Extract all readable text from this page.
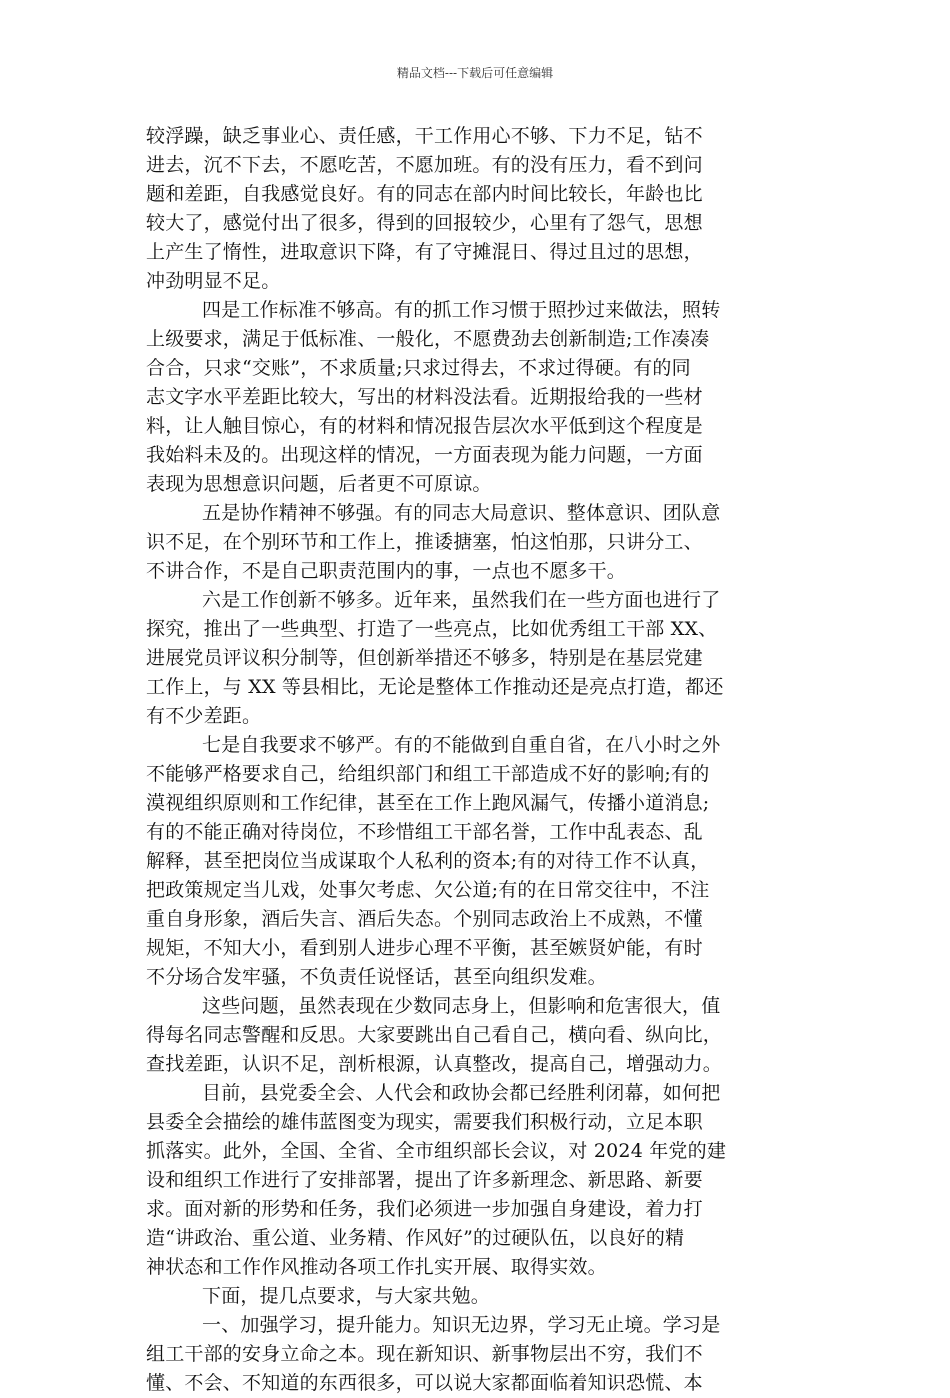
精品文档---下载后可任意编辑
较浮躁，缺乏事业心、责任感，干工作用心不够、下力不足，钻不
进去，沉不下去，不愿吃苦，不愿加班。有的没有压力，看不到问
题和差距，自我感觉良好。有的同志在部内时间比较长，年龄也比
较大了，感觉付出了很多，得到的回报较少，心里有了怨气，思想
上产生了惰性，进取意识下降，有了守摊混日、得过且过的思想，
冲劲明显不足。
四是工作标准不够高。有的抓工作习惯于照抄过来做法，照转
上级要求，满足于低标准、一般化，不愿费劲去创新制造;工作凑凑
合合，只求“交账”，不求质量;只求过得去，不求过得硬。有的同
志文字水平差距比较大，写出的材料没法看。近期报给我的一些材
料，让人触目惊心，有的材料和情况报告层次水平低到这个程度是
我始料未及的。出现这样的情况，一方面表现为能力问题，一方面
表现为思想意识问题，后者更不可原谅。
五是协作精神不够强。有的同志大局意识、整体意识、团队意
识不足，在个别环节和工作上，推诿搪塞，怕这怕那，只讲分工、
不讲合作，不是自己职责范围内的事，一点也不愿多干。
六是工作创新不够多。近年来，虽然我们在一些方面也进行了
探究，推出了一些典型、打造了一些亮点，比如优秀组工干部 XX、
进展党员评议积分制等，但创新举措还不够多，特别是在基层党建
工作上，与 XX 等县相比，无论是整体工作推动还是亮点打造，都还
有不少差距。
七是自我要求不够严。有的不能做到自重自省，在八小时之外
不能够严格要求自己，给组织部门和组工干部造成不好的影响;有的
漠视组织原则和工作纪律，甚至在工作上跑风漏气，传播小道消息;
有的不能正确对待岗位，不珍惜组工干部名誉，工作中乱表态、乱
解释，甚至把岗位当成谋取个人私利的资本;有的对待工作不认真，
把政策规定当儿戏，处事欠考虑、欠公道;有的在日常交往中，不注
重自身形象，酒后失言、酒后失态。个别同志政治上不成熟，不懂
规矩，不知大小，看到别人进步心理不平衡，甚至嫉贤妒能，有时
不分场合发牢骚，不负责任说怪话，甚至向组织发难。
这些问题，虽然表现在少数同志身上，但影响和危害很大，值
得每名同志警醒和反思。大家要跳出自己看自己，横向看、纵向比，
查找差距，认识不足，剖析根源，认真整改，提高自己，增强动力。
目前，县党委全会、人代会和政协会都已经胜利闭幕，如何把
县委全会描绘的雄伟蓝图变为现实，需要我们积极行动，立足本职
抓落实。此外，全国、全省、全市组织部长会议，对 2024 年党的建
设和组织工作进行了安排部署，提出了许多新理念、新思路、新要
求。面对新的形势和任务，我们必须进一步加强自身建设，着力打
造“讲政治、重公道、业务精、作风好”的过硬队伍，以良好的精
神状态和工作作风推动各项工作扎实开展、取得实效。
下面，提几点要求，与大家共勉。
一、加强学习，提升能力。知识无边界，学习无止境。学习是
组工干部的安身立命之本。现在新知识、新事物层出不穷，我们不
懂、不会、不知道的东西很多，可以说大家都面临着知识恐慌、本
